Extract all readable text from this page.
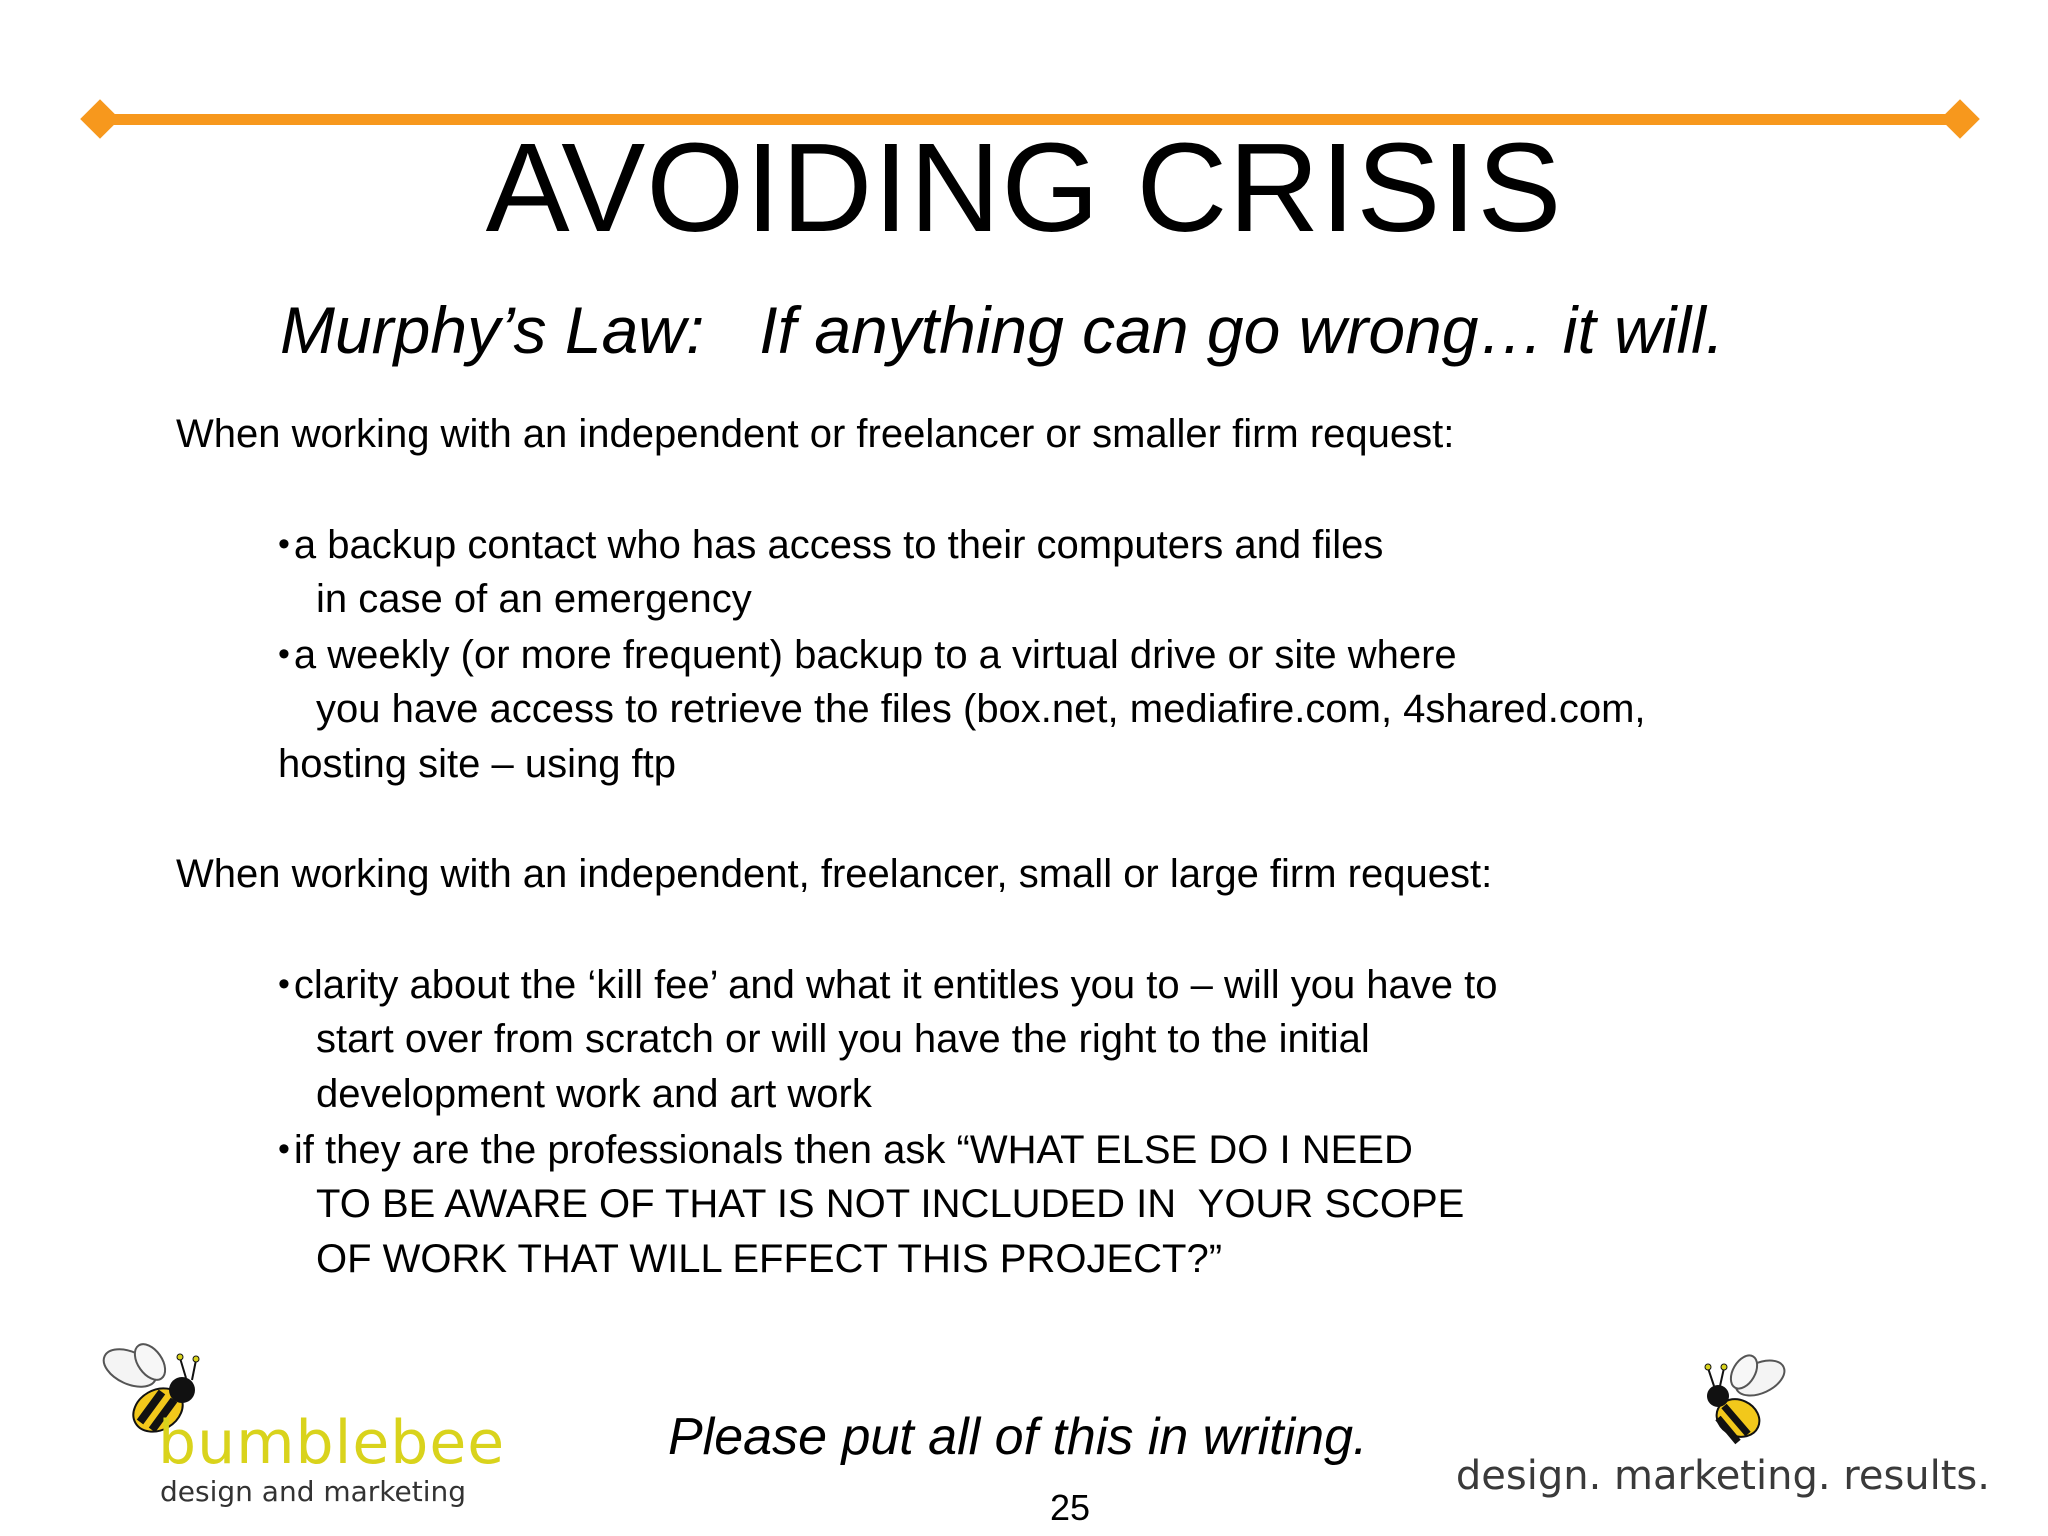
AVOIDING CRISIS
Murphy’s Law:   If anything can go wrong… it will.
When working with an independent or freelancer or smaller firm request:
• a backup contact who has access to their computers and files
in case of an emergency
• a weekly (or more frequent) backup to a virtual drive or site where
you have access to retrieve the files (box.net, mediafire.com, 4shared.com,
hosting site – using ftp
When working with an independent, freelancer, small or large firm request:
• clarity about the ‘kill fee’ and what it entitles you to – will you have to
start over from scratch or will you have the right to the initial
development work and art work
• if they are the professionals then ask “WHAT ELSE DO I NEED
TO BE AWARE OF THAT IS NOT INCLUDED IN  YOUR SCOPE
OF WORK THAT WILL EFFECT THIS PROJECT?”
bumblebee
design and marketing
Please put all of this in writing.
25
design. marketing. results.
